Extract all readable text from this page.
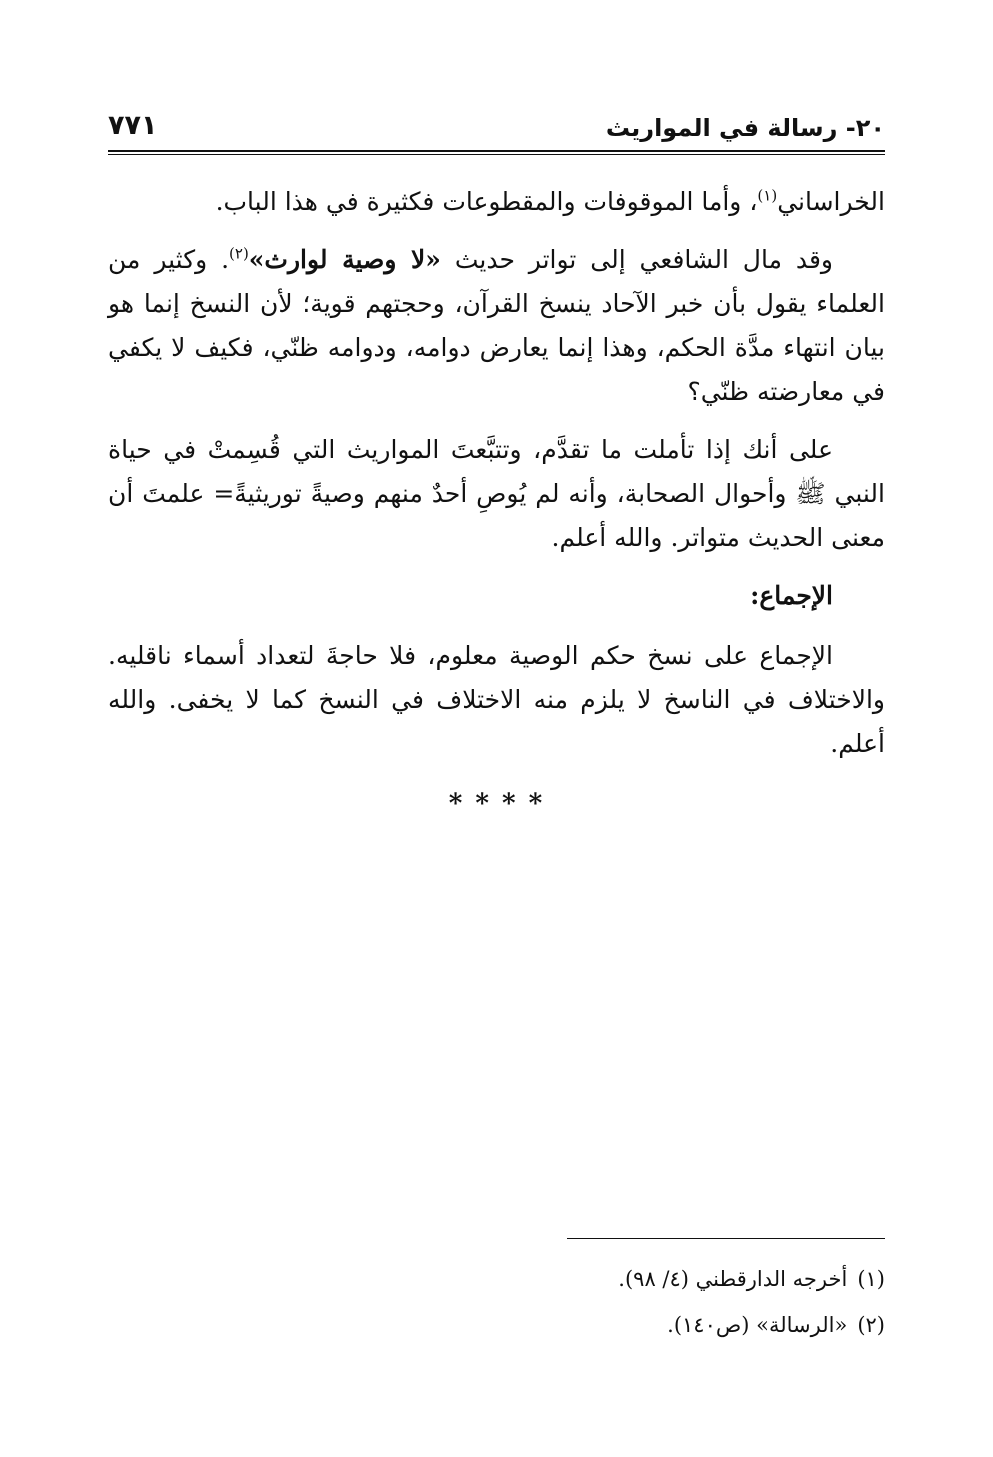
٢٠- رسالة في المواريث
٧٧١

الخراساني$^{(١)}$، وأما الموقوفات والمقطوعات فكثيرة في هذا الباب.

وقد مال الشافعي إلى تواتر حديث «لا وصية لوارث»$^{(٢)}$. وكثير من العلماء يقول بأن خبر الآحاد ينسخ القرآن، وحجتهم قوية؛ لأن النسخ إنما هو بيان انتهاء مدَّة الحكم، وهذا إنما يعارض دوامه، ودوامه ظنّي، فكيف لا يكفي في معارضته ظنّي؟

على أنك إذا تأملت ما تقدَّم، وتتبَّعتَ المواريث التي قُسِمتْ في حياة النبي ﷺ وأحوال الصحابة، وأنه لم يُوصِ أحدٌ منهم وصيةً توريثيةً= علمتَ أن معنى الحديث متواتر. والله أعلم.

الإجماع:

الإجماع على نسخ حكم الوصية معلوم، فلا حاجةَ لتعداد أسماء ناقليه. والاختلاف في الناسخ لا يلزم منه الاختلاف في النسخ كما لا يخفى. والله أعلم.

* * * *
(١)أخرجه الدارقطني (٤/ ٩٨).
(٢)«الرسالة» (ص١٤٠).
